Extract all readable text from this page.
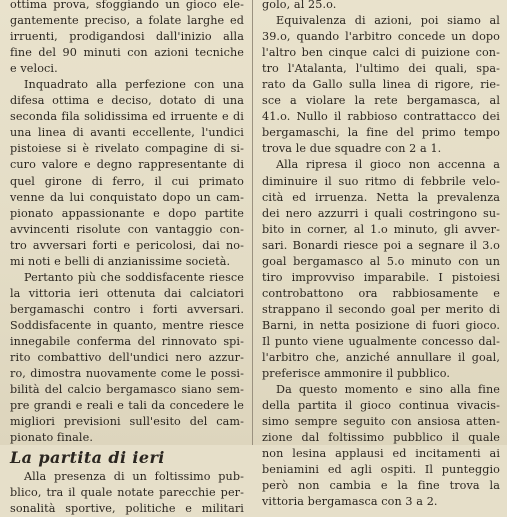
ottima prova, sfoggiando un gioco ele-
gantemente preciso, a folate larghe ed
irruenti, prodigandosi dall'inizio alla
fine del 90 minuti con azioni tecniche
e veloci.

Inquadrato alla perfezione con una
difesa ottima e deciso, dotato di una
seconda fila solidissima ed irruente e di
una linea di avanti eccellente, l'undici
pistoiese si è rivelato compagine di si-
curo valore e degno rappresentante di
quel girone di ferro, il cui primato
venne da lui conquistato dopo un cam-
pionato appassionante e dopo partite
avvincenti risolute con vantaggio con-
tro avversari forti e pericolosi, dai no-
mi noti e belli di anzianissime società.

Pertanto più che soddisfacente riesce
la vittoria ieri ottenuta dai calciatori
bergamaschi contro i forti avversari.
Soddisfacente in quanto, mentre riesce
innegabile conferma del rinnovato spi-
rito combattivo dell'undici nero azzur-
ro, dimostra nuovamente come le possi-
bilità del calcio bergamasco siano sem-
pre grandi e reali e tali da concedere le
migliori previsioni sull'esito del cam-
pionato finale.

La partita di ieri

Alla presenza di un foltissimo pub-
blico, tra il quale notate parecchie per-
sonalità sportive, politiche e militari

golo, al 25.o.
Equivalenza di azioni, poi siamo al
39.o, quando l'arbitro concede un dopo
l'altro ben cinque calci di puizione con-
tro l'Atalanta, l'ultimo dei quali, spa-
rato da Gallo sulla linea di rigore, rie-
sce a violare la rete bergamasca, al
41.o. Nullo il rabbioso contrattacco dei
bergamaschi, la fine del primo tempo
trova le due squadre con 2 a 1.

Alla ripresa il gioco non accenna a
diminuire il suo ritmo di febbrile velo-
cità ed irruenza. Netta la prevalenza
dei nero azzurri i quali costringono su-
bito in corner, al 1.o minuto, gli avver-
sari. Bonardi riesce poi a segnare il 3.o
goal bergamasco al 5.o minuto con un
tiro improvviso imparabile. I pistoiesi
controbattono ora rabbiosamente e
strappano il secondo goal per merito di
Barni, in netta posizione di fuori gioco.
Il punto viene ugualmente concesso dal-
l'arbitro che, anziché annullare il goal,
preferisce ammonire il pubblico.

Da questo momento e sino alla fine
della partita il gioco continua vivacis-
simo sempre seguito con ansiosa atten-
zione dal foltissimo pubblico il quale
non lesina applausi ed incitamenti ai
beniamini ed agli ospiti. Il punteggio
però non cambia e la fine trova la
vittoria bergamasca con 3 a 2.
